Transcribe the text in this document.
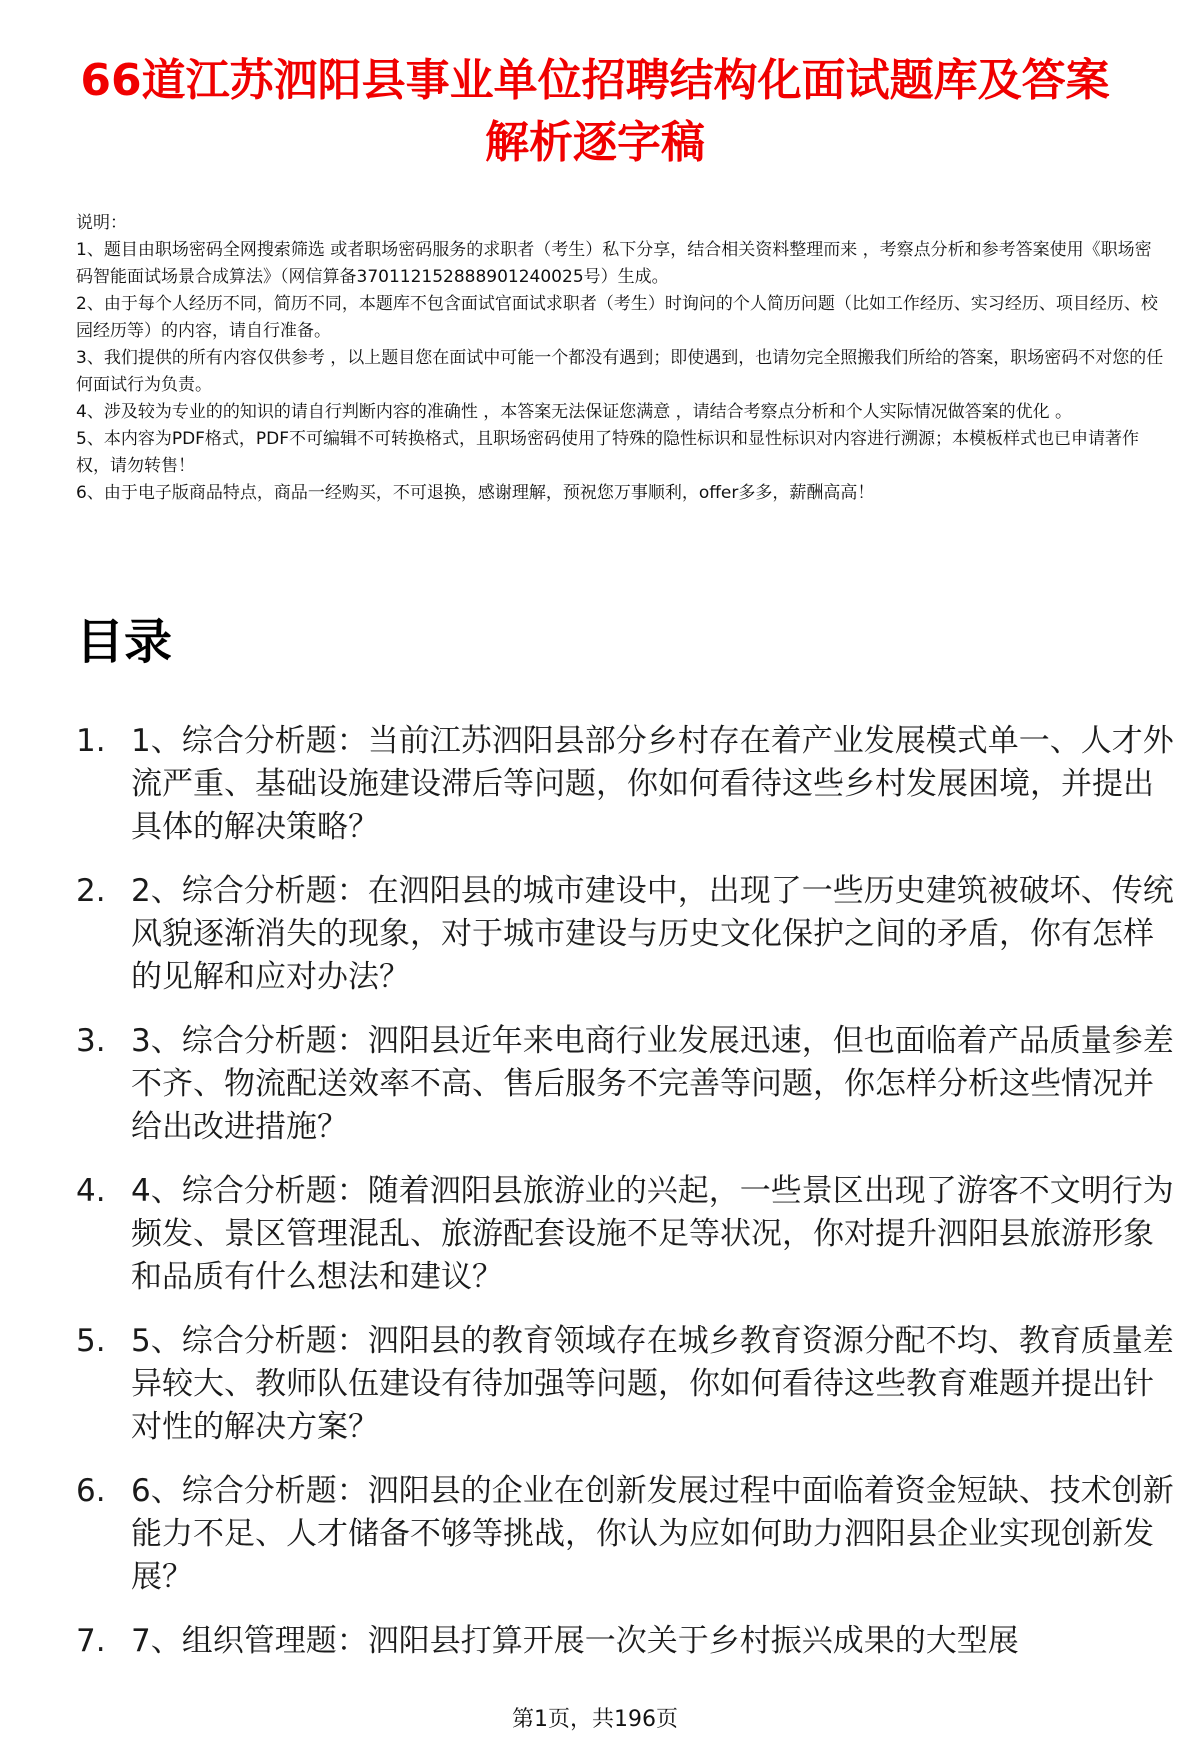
66道江苏泗阳县事业单位招聘结构化面试题库及答案解析逐字稿
说明：
1、题目由职场密码全网搜索筛选 或者职场密码服务的求职者（考生）私下分享，结合相关资料整理而来 ，考察点分析和参考答案使用《职场密码智能面试场景合成算法》（网信算备370112152888901240025号）生成。
2、由于每个人经历不同，简历不同，本题库不包含面试官面试求职者（考生）时询问的个人简历问题（比如工作经历、实习经历、项目经历、校园经历等）的内容，请自行准备。
3、我们提供的所有内容仅供参考 ，以上题目您在面试中可能一个都没有遇到；即使遇到，也请勿完全照搬我们所给的答案，职场密码不对您的任何面试行为负责。
4、涉及较为专业的的知识的请自行判断内容的准确性 ，本答案无法保证您满意 ，请结合考察点分析和个人实际情况做答案的优化 。
5、本内容为PDF格式，PDF不可编辑不可转换格式，且职场密码使用了特殊的隐性标识和显性标识对内容进行溯源；本模板样式也已申请著作权，请勿转售！
6、由于电子版商品特点，商品一经购买，不可退换，感谢理解，预祝您万事顺利，offer多多，薪酬高高！
目录
1. 1、综合分析题：当前江苏泗阳县部分乡村存在着产业发展模式单一、人才外流严重、基础设施建设滞后等问题，你如何看待这些乡村发展困境，并提出具体的解决策略？
2. 2、综合分析题：在泗阳县的城市建设中，出现了一些历史建筑被破坏、传统风貌逐渐消失的现象，对于城市建设与历史文化保护之间的矛盾，你有怎样的见解和应对办法？
3. 3、综合分析题：泗阳县近年来电商行业发展迅速，但也面临着产品质量参差不齐、物流配送效率不高、售后服务不完善等问题，你怎样分析这些情况并给出改进措施？
4. 4、综合分析题：随着泗阳县旅游业的兴起，一些景区出现了游客不文明行为频发、景区管理混乱、旅游配套设施不足等状况，你对提升泗阳县旅游形象和品质有什么想法和建议？
5. 5、综合分析题：泗阳县的教育领域存在城乡教育资源分配不均、教育质量差异较大、教师队伍建设有待加强等问题，你如何看待这些教育难题并提出针对性的解决方案？
6. 6、综合分析题：泗阳县的企业在创新发展过程中面临着资金短缺、技术创新能力不足、人才储备不够等挑战，你认为应如何助力泗阳县企业实现创新发展？
7. 7、组织管理题：泗阳县打算开展一次关于乡村振兴成果的大型展
第1页，共196页
